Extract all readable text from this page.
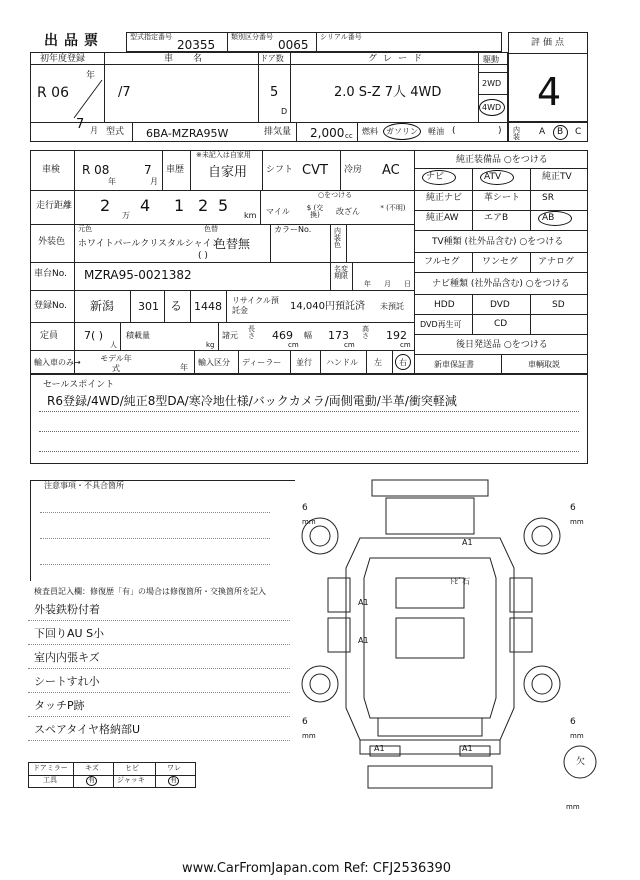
出品票	型式指定番号
20355
類別区分番号
0065
シリアル番号
評価点
4
初年度登録
R 06
年
7 月
車名
/7
ドア数
5
D
グレード
2.0 S-Z 7人 4WD
駆動
2WD
4WD
型式 6BA-MZRA95W	排気量 2,000 cc 燃料 ガソリン 軽油 (	) 内装	A B C
車検 R 08
年
7
月
車歴
※未記入は自家用
自家用 シフト CVT 冷房 AC
走行距離 2
万
4 1 2 5
km
○をつける
マイル	$ (交換)	改ざん	* (不明)
外装色
元色
ホワイトパールクリスタルシャイン
色替
色替無
( )
カラーNo.	内装色
車台No. MZRA95-0021382	名変期限
年 月 日
登録No. 新潟 301 る 1448 リサイクル預託金	14,040円預託済 未預託
定員 7( )
人
積載量
kg
諸元
長さ 469
cm
幅 173
cm
高さ 192
cm
輸入車のみ→ モデル年式	年
輸入区分 ディーラー 並行 ハンドル 左 右
純正装備品 ○をつける
ナビ	ATV	純正TV
純正ナビ 革シート SR
純正AW	エアB	AB
TV種類 (社外品含む) ○をつける
フルセグ ワンセグ アナログ
ナビ種類 (社外品含む) ○をつける
HDD	DVD	SD
DVD再生可	CD
後日発送品 ○をつける
新車保証書	車輌取説
セールスポイント
R6登録/4WD/純正8型DA/寒冷地仕様/バックカメラ/両側電動/半革/衝突軽減
注意事項・不具合箇所
検査員記入欄：修復歴「有」の場合は修復箇所・交換箇所を記入
外装鉄粉付着
下回りAU S小
室内内張キズ
シートすれ小
タッチP跡
スペアタイヤ格納部U
ドアミラー キズ	ヒビ	ワレ
工具	有	ジャッキ	有
6
mm
6
mm
6
mm
6
mm
mm
A1
ﾄﾋﾞ石
A1
A1
A1	A1
欠
www.CarFromJapan.com Ref: CFJ2536390
